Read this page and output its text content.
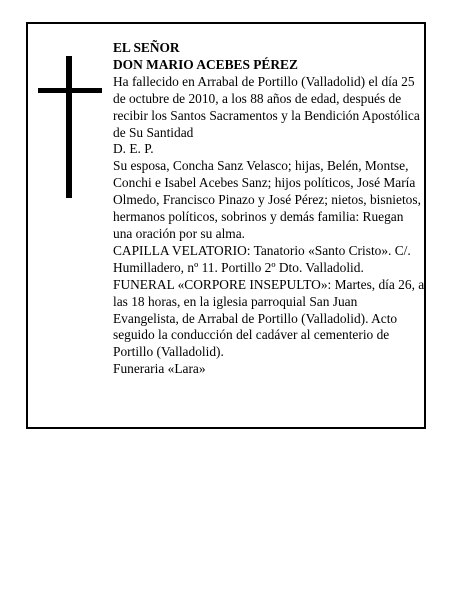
EL SEÑOR

DON MARIO ACEBES PÉREZ

Ha fallecido en Arrabal de Portillo (Valladolid) el día 25 de octubre de 2010, a los 88 años de edad, después de recibir los Santos Sacramentos y la Bendición Apostólica de Su Santidad

D. E. P.

Su esposa, Concha Sanz Velasco; hijas, Belén, Montse, Conchi e Isabel Acebes Sanz; hijos políticos, José María Olmedo, Francisco Pinazo y José Pérez; nietos, bisnietos, hermanos políticos, sobrinos y demás familia: Ruegan una oración por su alma.

CAPILLA VELATORIO: Tanatorio «Santo Cristo». C/. Humilladero, nº 11. Portillo 2º Dto. Valladolid.

FUNERAL «CORPORE INSEPULTO»: Martes, día 26, a las 18 horas, en la iglesia parroquial San Juan Evangelista, de Arrabal de Portillo (Valladolid). Acto seguido la conducción del cadáver al cementerio de Portillo (Valladolid).

Funeraria «Lara»
